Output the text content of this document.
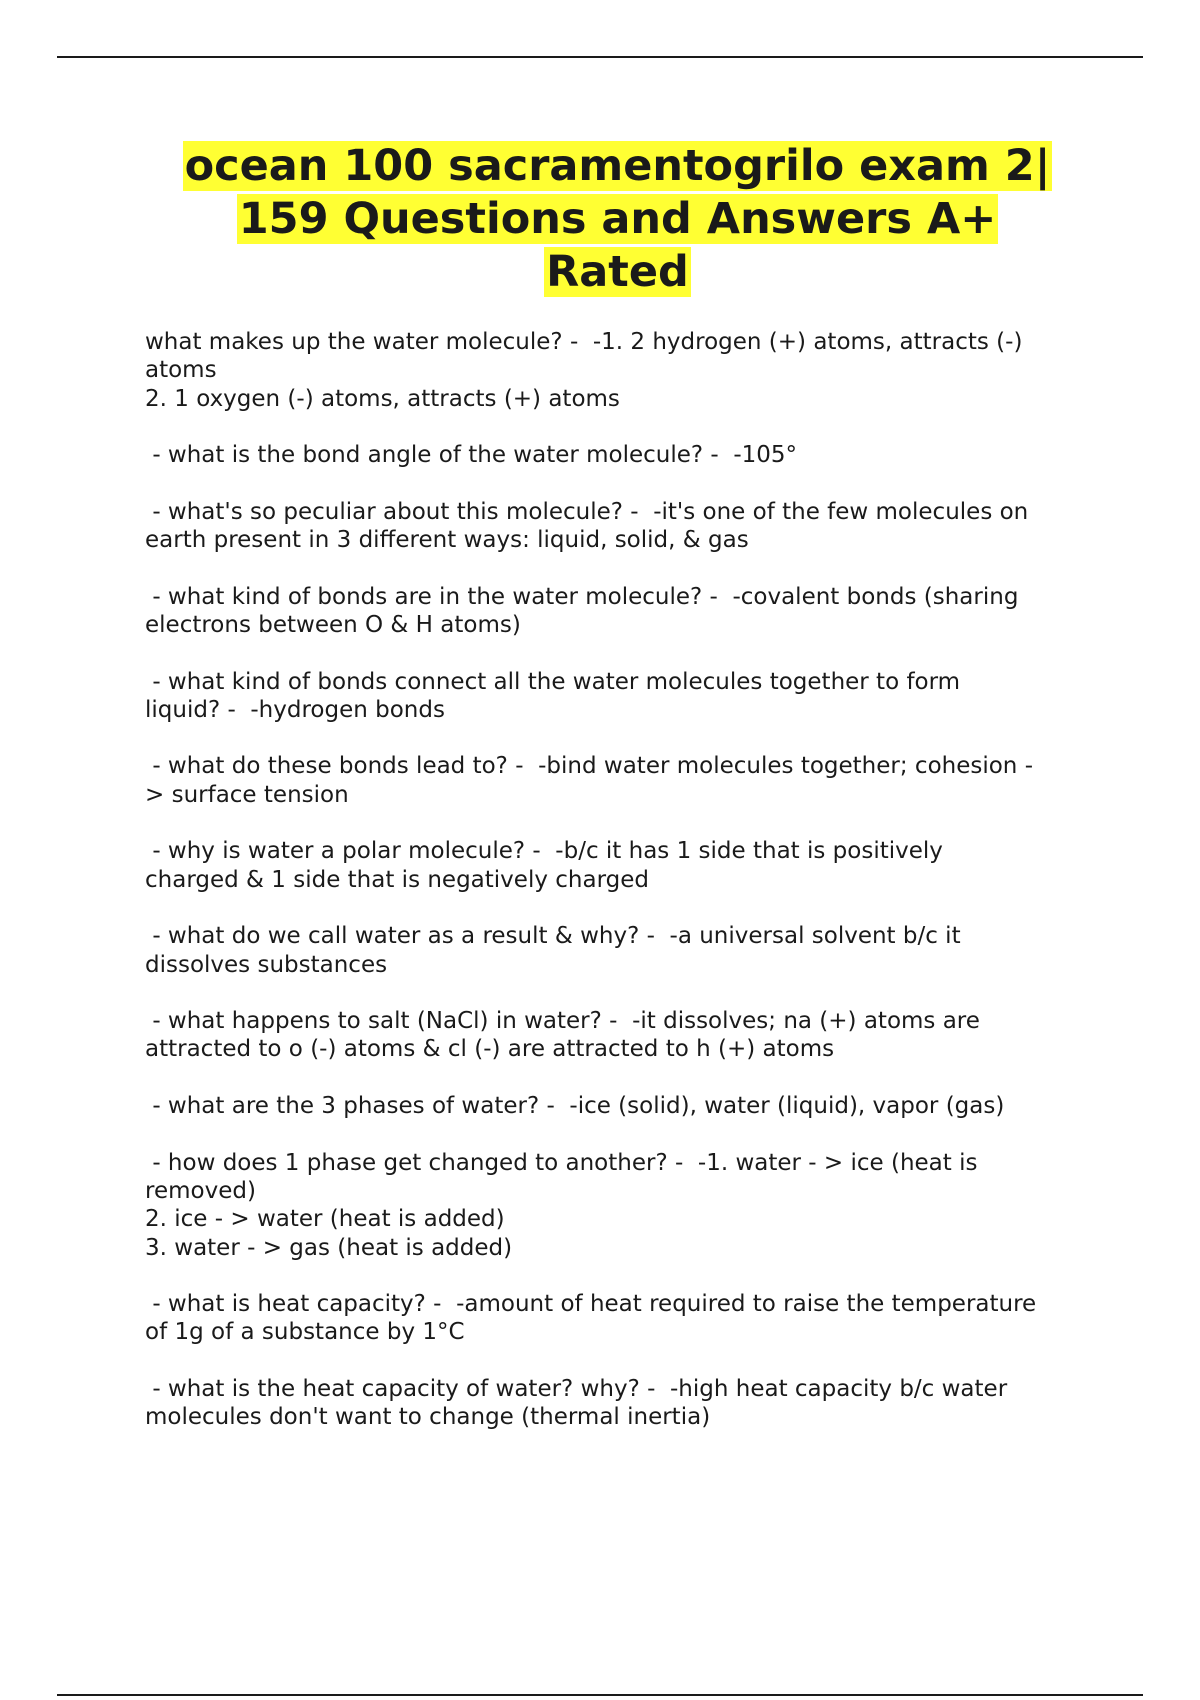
ocean 100 sacramentogrilo exam 2|
159 Questions and Answers A+
Rated
what makes up the water molecule? -  -1. 2 hydrogen (+) atoms, attracts (-)
atoms
2. 1 oxygen (-) atoms, attracts (+) atoms
- what is the bond angle of the water molecule? -  -105°
- what's so peculiar about this molecule? -  -it's one of the few molecules on
earth present in 3 different ways: liquid, solid, & gas
- what kind of bonds are in the water molecule? -  -covalent bonds (sharing
electrons between O & H atoms)
- what kind of bonds connect all the water molecules together to form
liquid? -  -hydrogen bonds
- what do these bonds lead to? -  -bind water molecules together; cohesion -
> surface tension
- why is water a polar molecule? -  -b/c it has 1 side that is positively
charged & 1 side that is negatively charged
- what do we call water as a result & why? -  -a universal solvent b/c it
dissolves substances
- what happens to salt (NaCl) in water? -  -it dissolves; na (+) atoms are
attracted to o (-) atoms & cl (-) are attracted to h (+) atoms
- what are the 3 phases of water? -  -ice (solid), water (liquid), vapor (gas)
- how does 1 phase get changed to another? -  -1. water - > ice (heat is
removed)
2. ice - > water (heat is added)
3. water - > gas (heat is added)
- what is heat capacity? -  -amount of heat required to raise the temperature
of 1g of a substance by 1°C
- what is the heat capacity of water? why? -  -high heat capacity b/c water
molecules don't want to change (thermal inertia)
